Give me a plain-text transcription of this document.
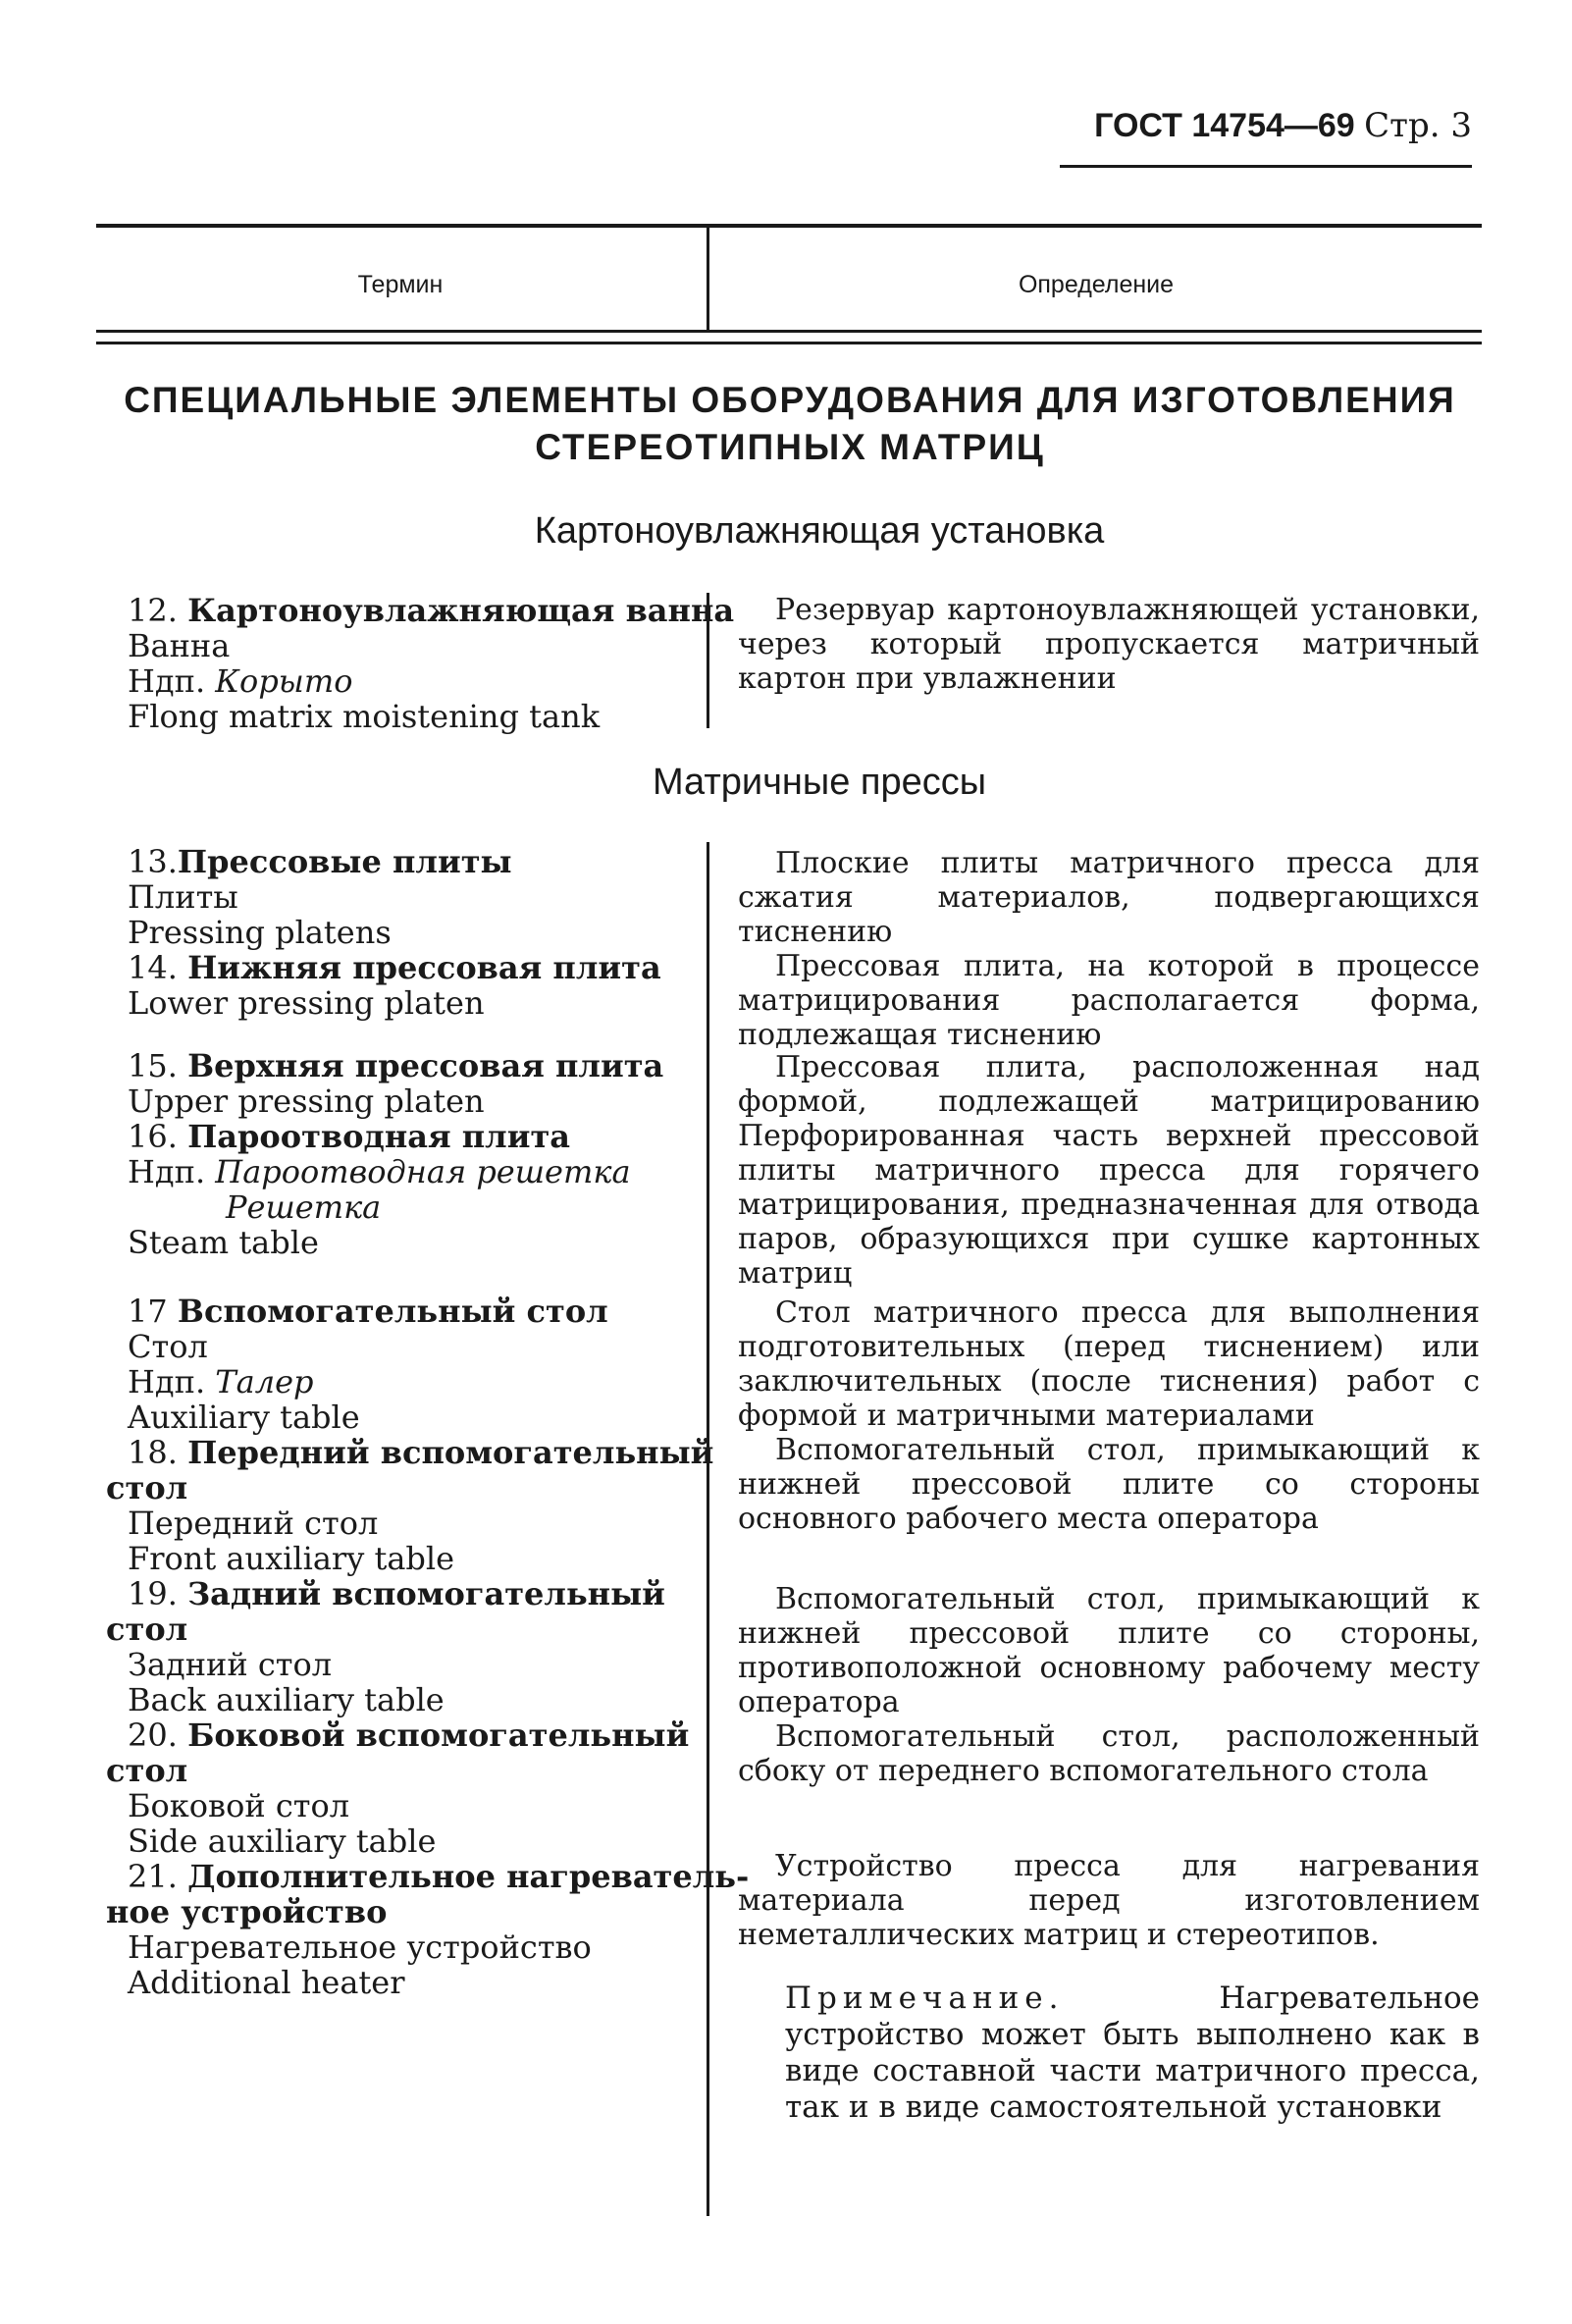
ГОСТ 14754—69 Стр. 3
Термин	Определение
СПЕЦИАЛЬНЫЕ ЭЛЕМЕНТЫ ОБОРУДОВАНИЯ ДЛЯ ИЗГОТОВЛЕНИЯ СТЕРЕОТИПНЫХ МАТРИЦ
Картоноувлажняющая установка
12. Картоноувлажняющая ванна
Ванна
Ндп. Корыто
Flong matrix moistening tank

Резервуар картоноувлажняющей установки, через который пропускается матричный картон при увлажнении

Матричные прессы
13.Прессовые плиты
Плиты
Pressing platens
14. Нижняя прессовая плита
Lower pressing platen

Плоские плиты матричного пресса для сжатия материалов, подвергающихся тиснению

Прессовая плита, на которой в процессе матрицирования располагается форма, подлежащая тиснению

15. Верхняя прессовая плита
Upper pressing platen
16. Пароотводная плита
Ндп. Пароотводная решетка
Решетка
Steam table

Прессовая плита, расположенная над формой, подлежащей матрицированию Перфорированная часть верхней прессовой плиты матричного пресса для горячего матрицирования, предназначенная для отвода паров, образующихся при сушке картонных матриц

17 Вспомогательный стол
Стол
Ндп. Талер
Auxiliary table
18. Передний вспомогательный
стол
Передний стол
Front auxiliary table
19. Задний вспомогательный
стол
Задний стол
Back auxiliary table
20. Боковой вспомогательный
стол
Боковой стол
Side auxiliary table
21. Дополнительное нагреватель-
ное устройство
Нагревательное устройство
Additional heater

Стол матричного пресса для выполнения подготовительных (перед тиснением) или заключительных (после тиснения) работ с формой и матричными материалами

Вспомогательный стол, примыкающий к нижней прессовой плите со стороны основного рабочего места оператора

Вспомогательный стол, примыкающий к нижней прессовой плите со стороны, противоположной основному рабочему месту оператора

Вспомогательный стол, расположенный сбоку от переднего вспомогательного стола

Устройство пресса для нагревания материала перед изготовлением неметаллических матриц и стереотипов.

Примечание.	Нагревательное устройство может быть выполнено как в виде составной части матричного пресса, так и в виде самостоятельной установки
